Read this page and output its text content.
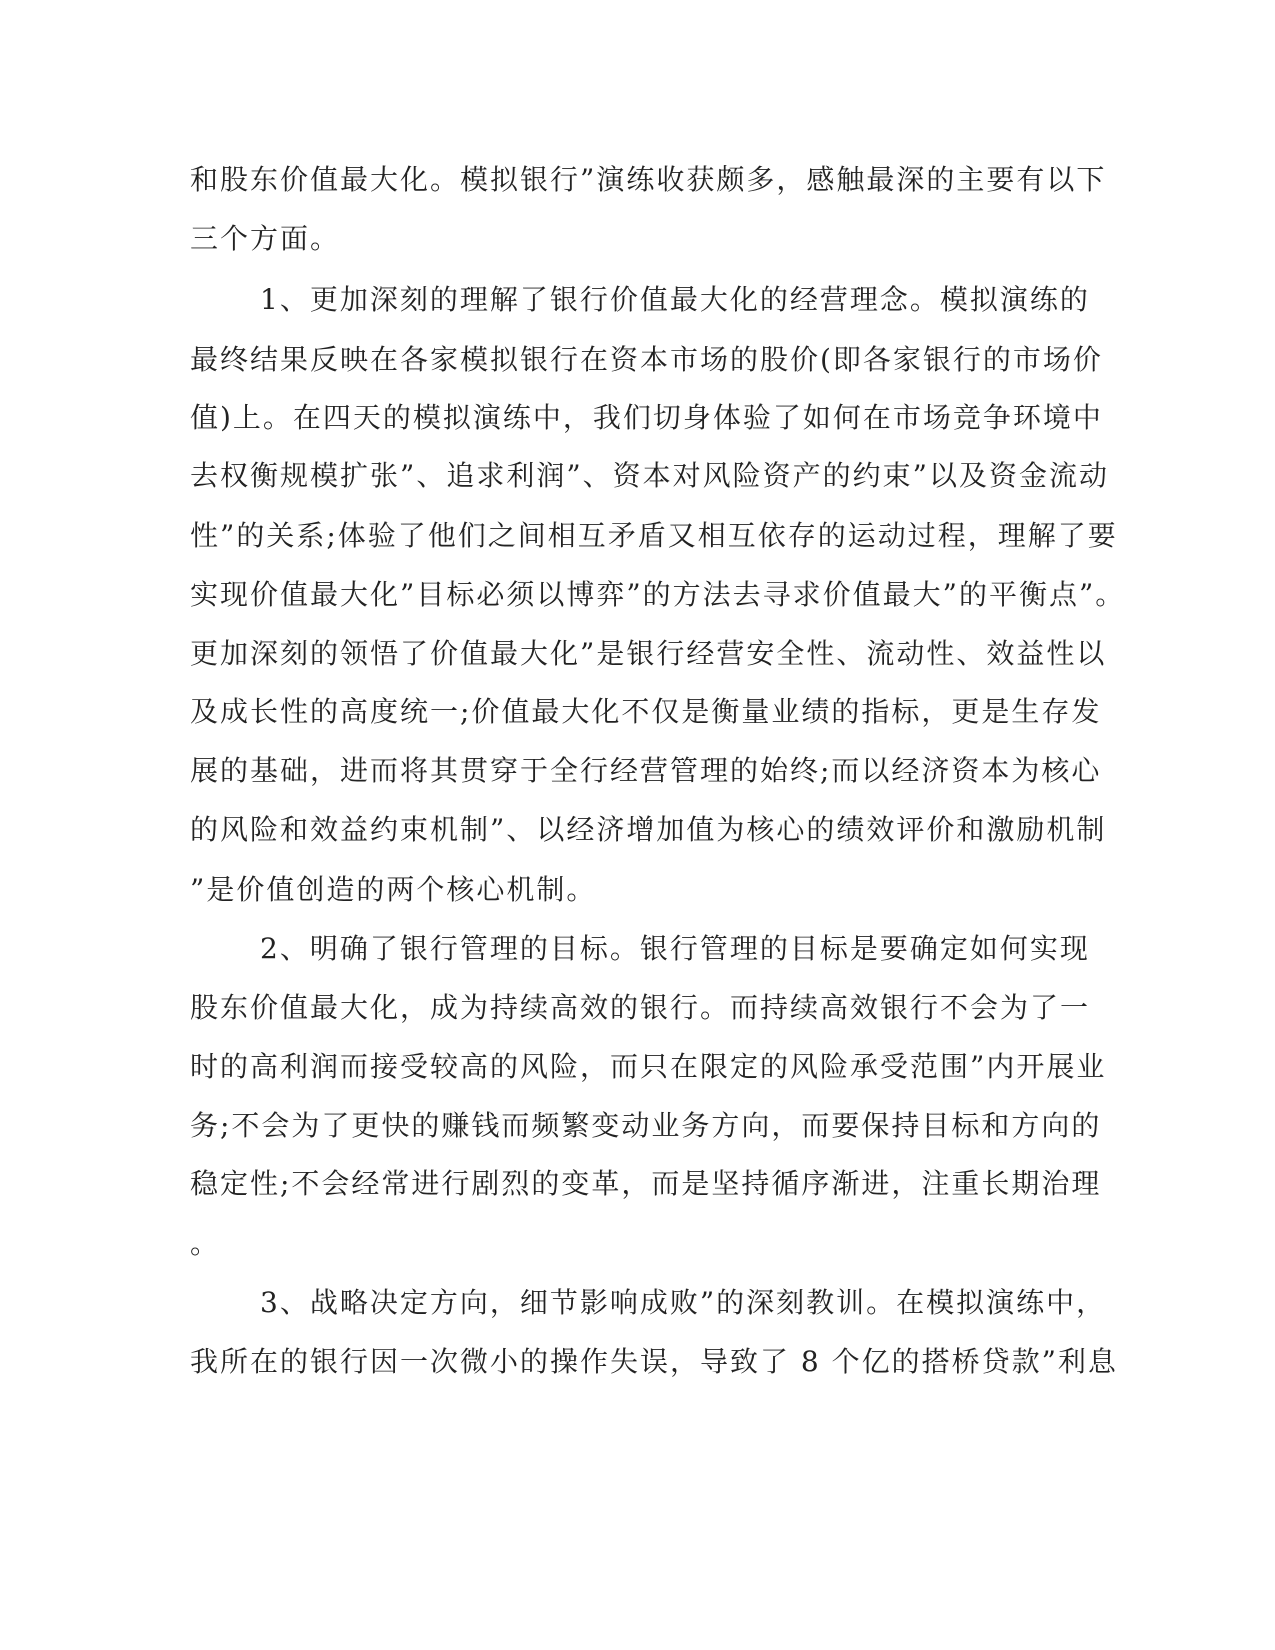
和股东价值最大化。模拟银行”演练收获颇多，感触最深的主要有以下
三个方面。
1、更加深刻的理解了银行价值最大化的经营理念。模拟演练的
最终结果反映在各家模拟银行在资本市场的股价(即各家银行的市场价
值)上。在四天的模拟演练中，我们切身体验了如何在市场竞争环境中
去权衡规模扩张”、追求利润”、资本对风险资产的约束”以及资金流动
性”的关系;体验了他们之间相互矛盾又相互依存的运动过程，理解了要
实现价值最大化”目标必须以博弈”的方法去寻求价值最大”的平衡点”。
更加深刻的领悟了价值最大化”是银行经营安全性、流动性、效益性以
及成长性的高度统一;价值最大化不仅是衡量业绩的指标，更是生存发
展的基础，进而将其贯穿于全行经营管理的始终;而以经济资本为核心
的风险和效益约束机制”、以经济增加值为核心的绩效评价和激励机制
”是价值创造的两个核心机制。
2、明确了银行管理的目标。银行管理的目标是要确定如何实现
股东价值最大化，成为持续高效的银行。而持续高效银行不会为了一
时的高利润而接受较高的风险，而只在限定的风险承受范围”内开展业
务;不会为了更快的赚钱而频繁变动业务方向，而要保持目标和方向的
稳定性;不会经常进行剧烈的变革，而是坚持循序渐进，注重长期治理
。
3、战略决定方向，细节影响成败”的深刻教训。在模拟演练中，
我所在的银行因一次微小的操作失误，导致了 8 个亿的搭桥贷款”利息
